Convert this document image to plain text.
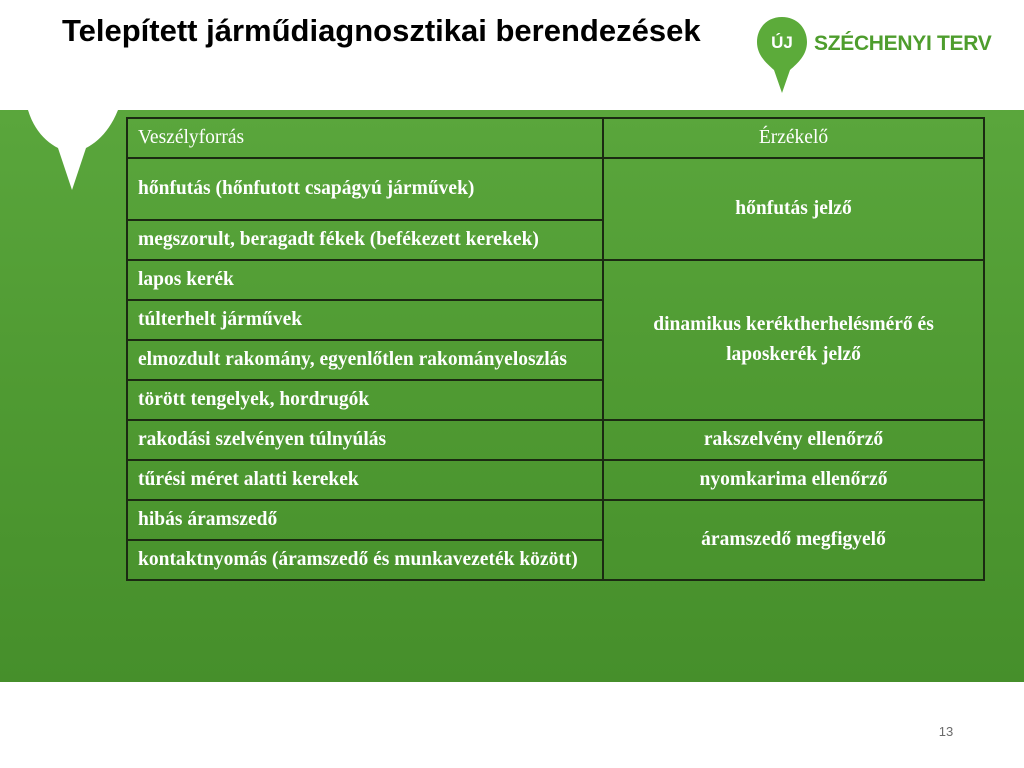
Telepített járműdiagnosztikai berendezések	ÚJ SZÉCHENYI TERV
Veszélyforrás	Érzékelő
hőnfutás (hőnfutott csapágyú járművek)	hőnfutás jelző
megszorult, beragadt fékek (befékezett kerekek)	
lapos kerék	dinamikus keréktherhelésmérő és laposkerék jelző
túlterhelt járművek	
elmozdult rakomány, egyenlőtlen rakományeloszlás	
törött tengelyek, hordrugók	
rakodási szelvényen túlnyúlás	rakszelvény ellenőrző
tűrési méret alatti kerekek	nyomkarima ellenőrző
hibás áramszedő	áramszedő megfigyelő
kontaktnyomás (áramszedő és munkavezeték között)	
13
